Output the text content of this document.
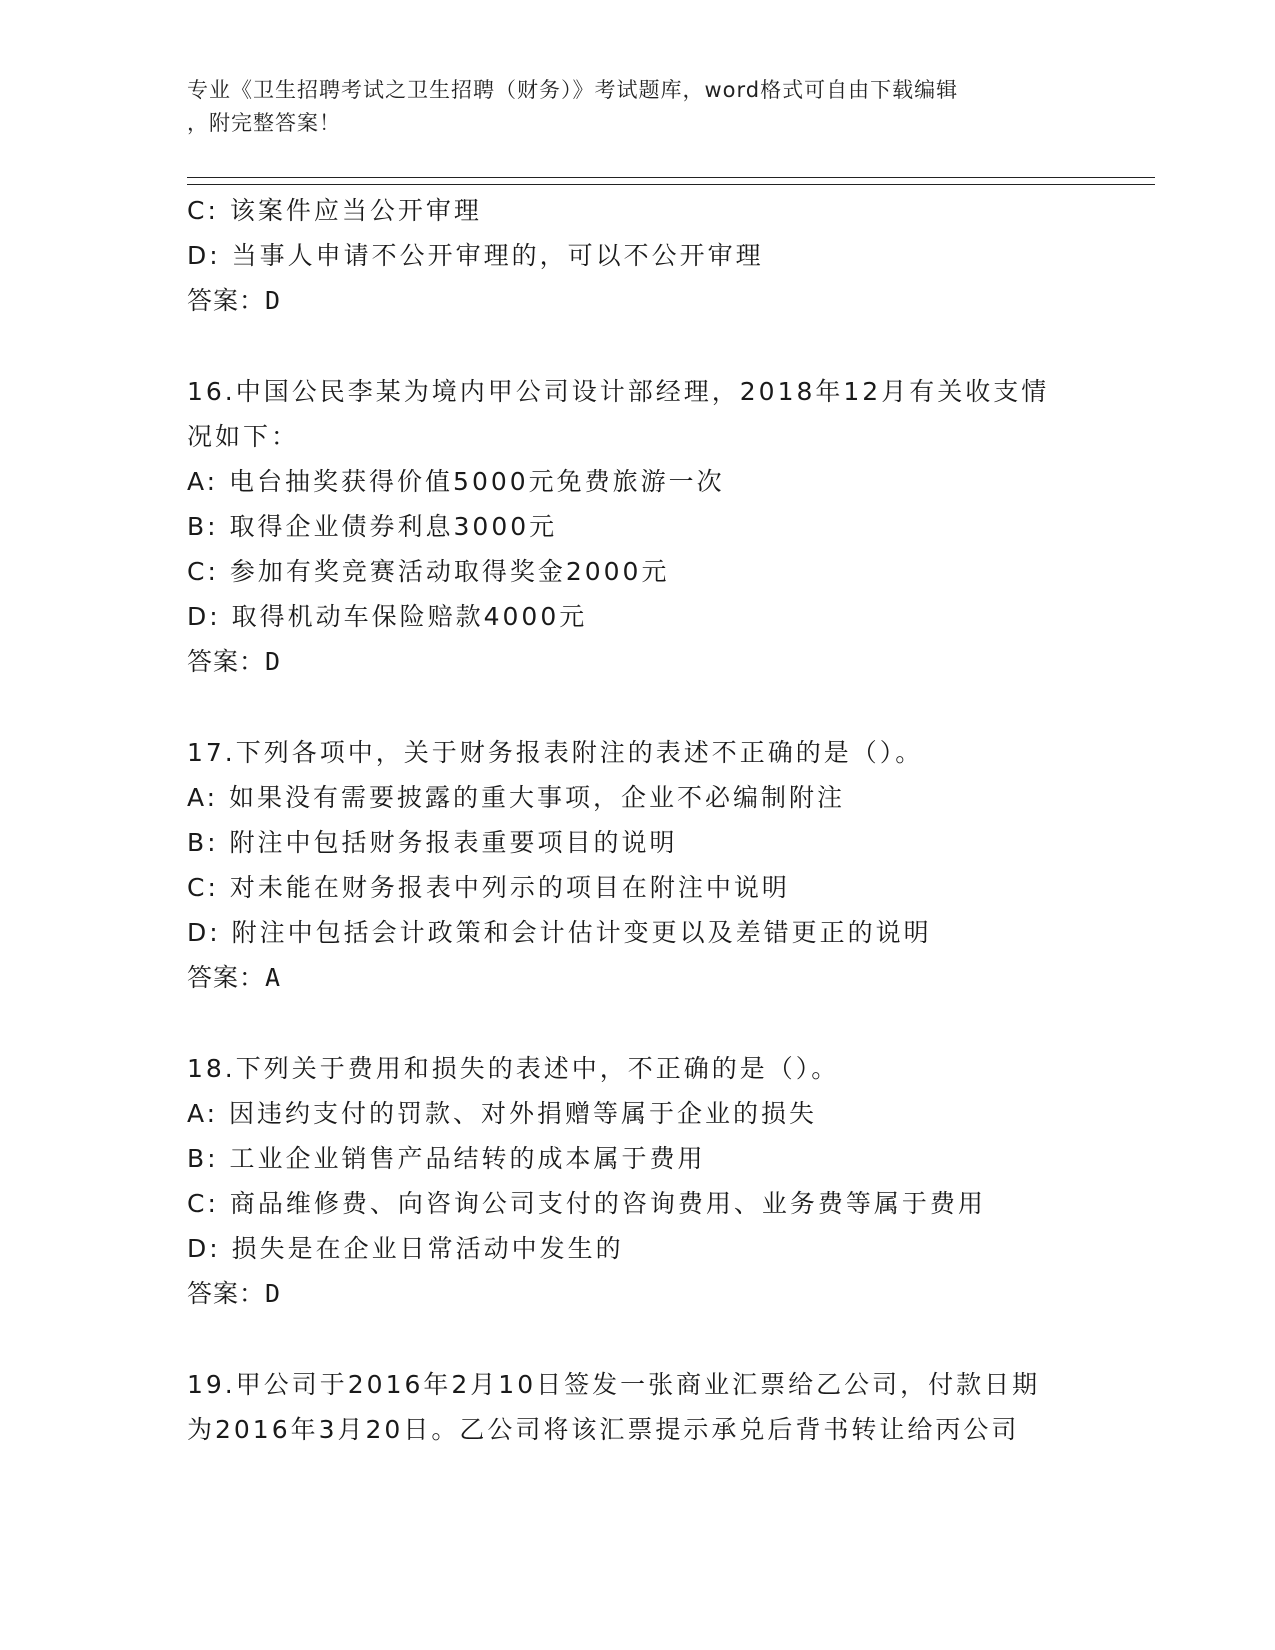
专业《卫生招聘考试之卫生招聘（财务）》考试题库，word格式可自由下载编辑
，附完整答案！
C: 该案件应当公开审理
D: 当事人申请不公开审理的，可以不公开审理
答案：D
16.中国公民李某为境内甲公司设计部经理，2018年12月有关收支情
况如下：
A: 电台抽奖获得价值5000元免费旅游一次
B: 取得企业债券利息3000元
C: 参加有奖竞赛活动取得奖金2000元
D: 取得机动车保险赔款4000元
答案：D
17.下列各项中，关于财务报表附注的表述不正确的是（）。
A: 如果没有需要披露的重大事项，企业不必编制附注
B: 附注中包括财务报表重要项目的说明
C: 对未能在财务报表中列示的项目在附注中说明
D: 附注中包括会计政策和会计估计变更以及差错更正的说明
答案：A
18.下列关于费用和损失的表述中，不正确的是（）。
A: 因违约支付的罚款、对外捐赠等属于企业的损失
B: 工业企业销售产品结转的成本属于费用
C: 商品维修费、向咨询公司支付的咨询费用、业务费等属于费用
D: 损失是在企业日常活动中发生的
答案：D
19.甲公司于2016年2月10日签发一张商业汇票给乙公司，付款日期
为2016年3月20日。乙公司将该汇票提示承兑后背书转让给丙公司
